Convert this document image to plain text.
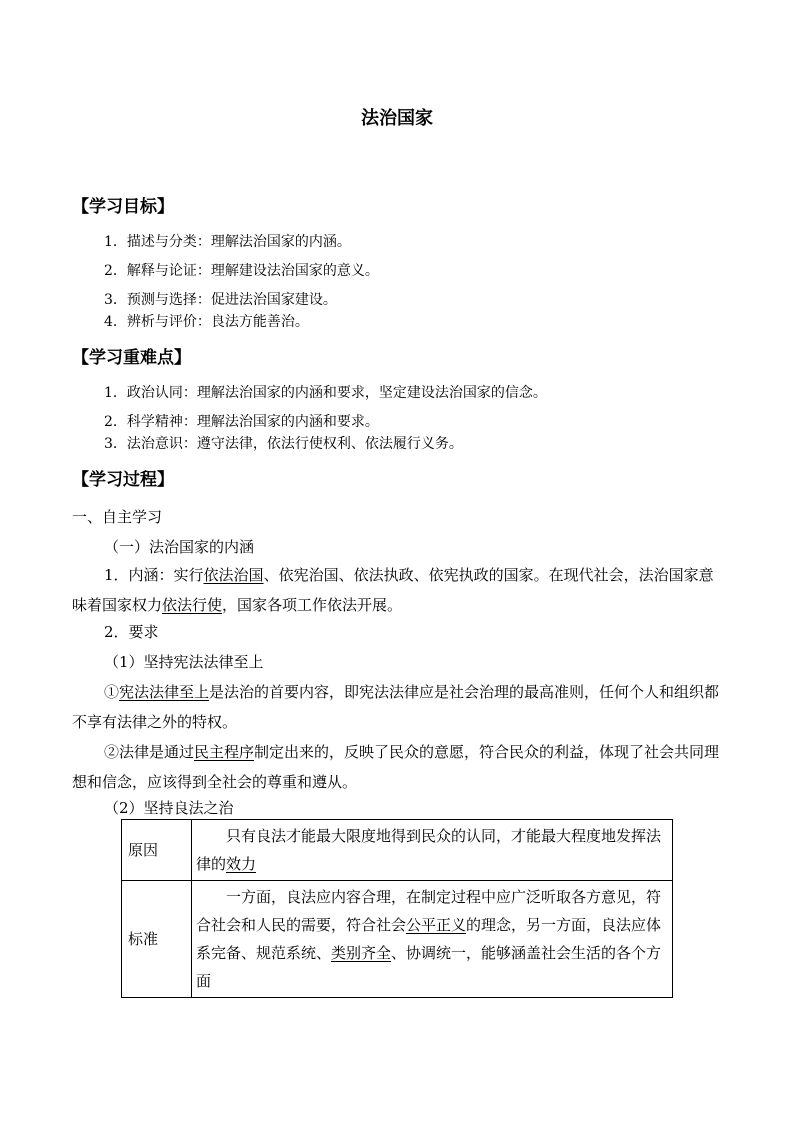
法治国家
【学习目标】
1．描述与分类：理解法治国家的内涵。
2．解释与论证：理解建设法治国家的意义。
3．预测与选择：促进法治国家建设。
4．辨析与评价：良法方能善治。
【学习重难点】
1．政治认同：理解法治国家的内涵和要求，坚定建设法治国家的信念。
2．科学精神：理解法治国家的内涵和要求。
3．法治意识：遵守法律，依法行使权利、依法履行义务。
【学习过程】
一、自主学习
（一）法治国家的内涵
1．内涵：实行依法治国、依宪治国、依法执政、依宪执政的国家。在现代社会，法治国家意味着国家权力依法行使，国家各项工作依法开展。
2．要求
（1）坚持宪法法律至上
①宪法法律至上是法治的首要内容，即宪法法律应是社会治理的最高准则，任何个人和组织都不享有法律之外的特权。
②法律是通过民主程序制定出来的，反映了民众的意愿，符合民众的利益，体现了社会共同理想和信念，应该得到全社会的尊重和遵从。
（2）坚持良法之治
原因	只有良法才能最大限度地得到民众的认同，才能最大程度地发挥法律的效力
标准	一方面，良法应内容合理，在制定过程中应广泛听取各方意见，符合社会和人民的需要，符合社会公平正义的理念，另一方面，良法应体系完备、规范系统、类别齐全、协调统一，能够涵盖社会生活的各个方面
